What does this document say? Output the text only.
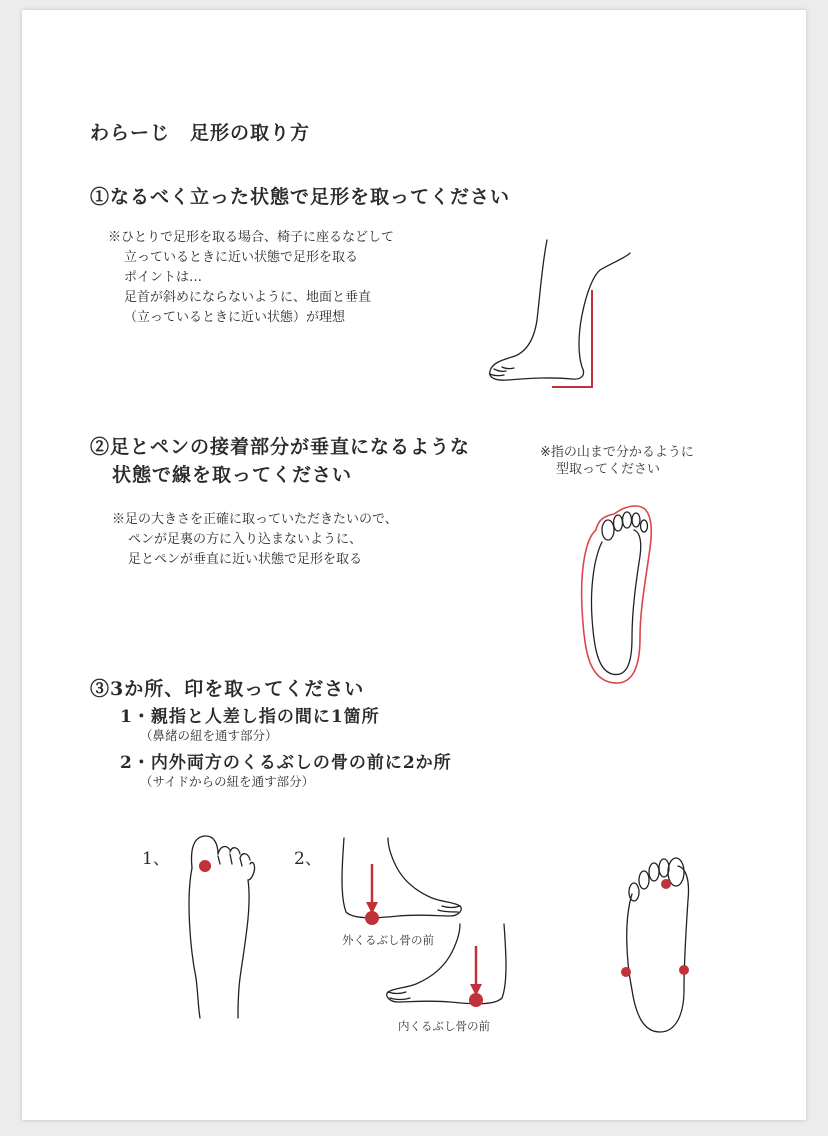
わらーじ　足形の取り方
①なるべく立った状態で足形を取ってください
※ひとりで足形を取る場合、椅子に座るなどして
立っているときに近い状態で足形を取る
ポイントは…
足首が斜めにならないように、地面と垂直
（立っているときに近い状態）が理想
②足とペンの接着部分が垂直になるような
状態で線を取ってください
※足の大きさを正確に取っていただきたいので、
ペンが足裏の方に入り込まないように、
足とペンが垂直に近い状態で足形を取る
※指の山まで分かるように
型取ってください
③3か所、印を取ってください
1・親指と人差し指の間に1箇所
（鼻緒の紐を通す部分）
2・内外両方のくるぶしの骨の前に2か所
（サイドからの紐を通す部分）
1、	2、
外くるぶし骨の前
内くるぶし骨の前
